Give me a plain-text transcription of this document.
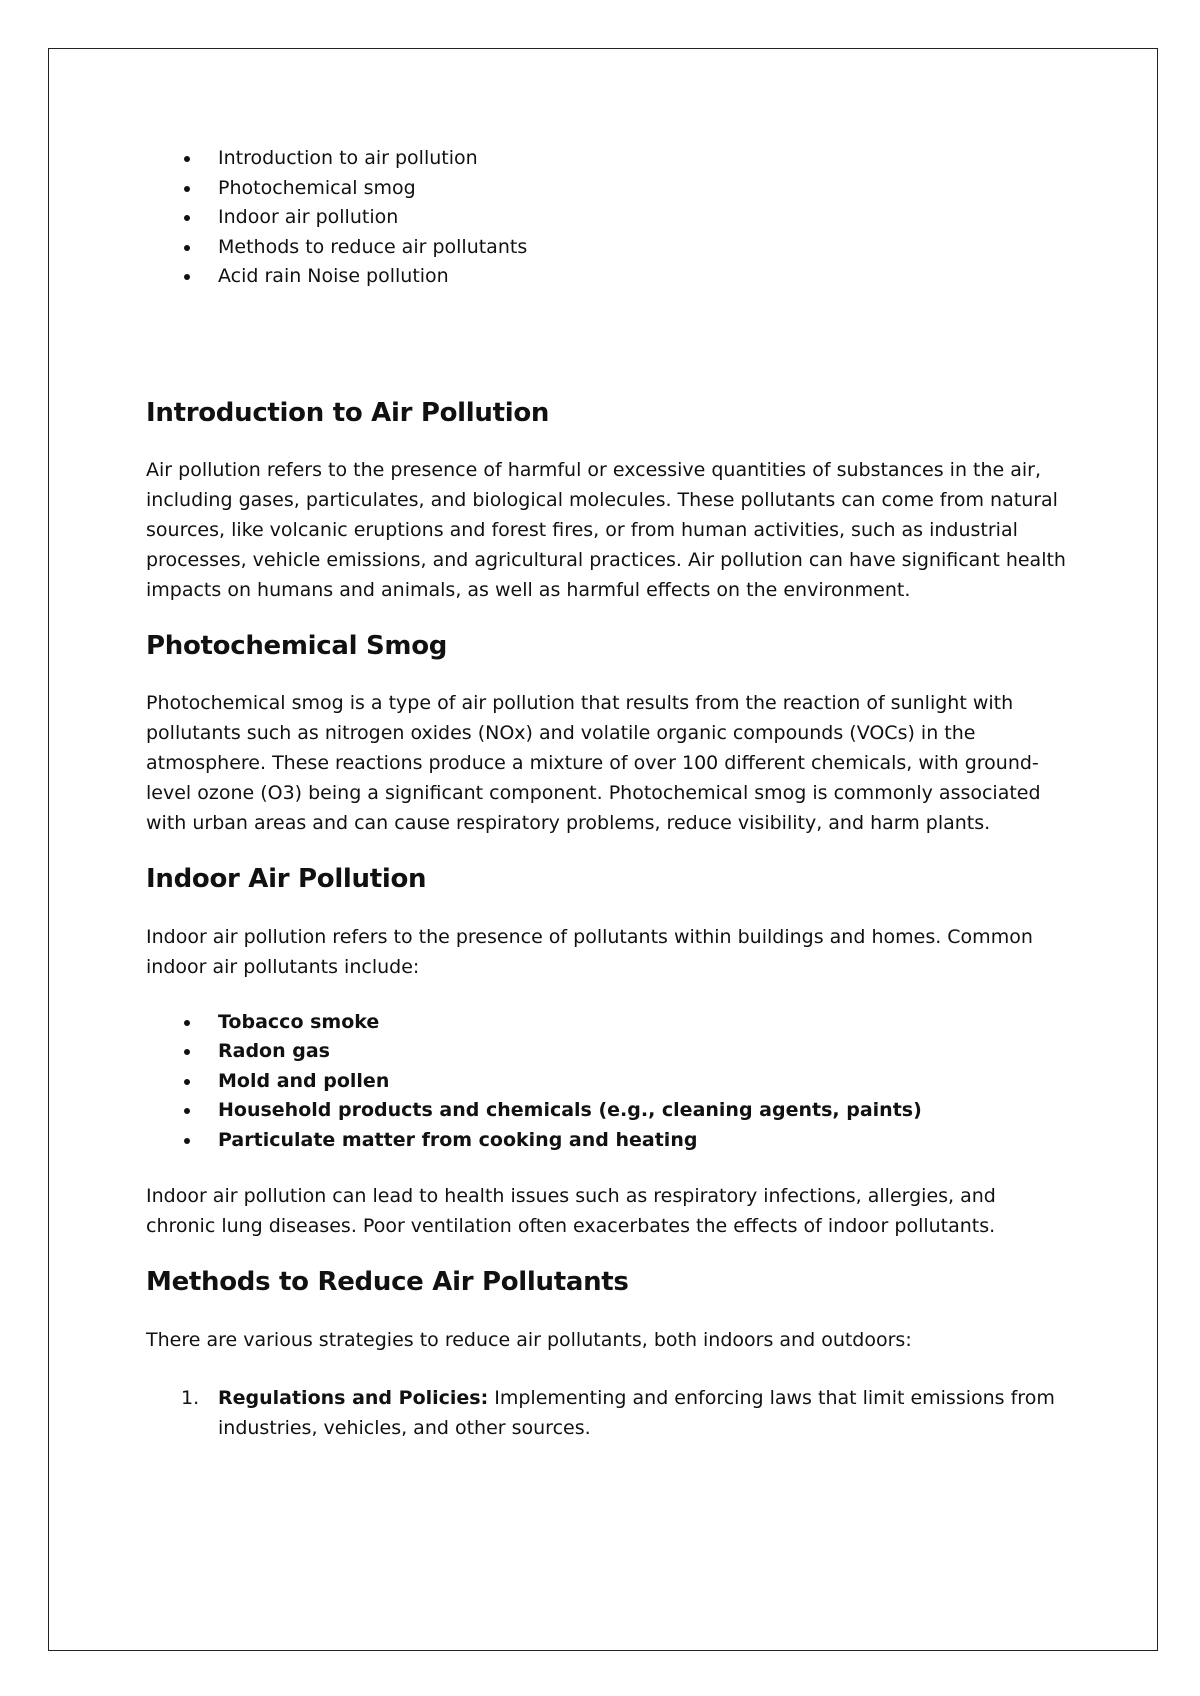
Introduction to air pollution
Photochemical smog
Indoor air pollution
Methods to reduce air pollutants
Acid rain Noise pollution
Introduction to Air Pollution

Air pollution refers to the presence of harmful or excessive quantities of substances in the air, including gases, particulates, and biological molecules. These pollutants can come from natural sources, like volcanic eruptions and forest fires, or from human activities, such as industrial processes, vehicle emissions, and agricultural practices. Air pollution can have significant health impacts on humans and animals, as well as harmful effects on the environment.

Photochemical Smog

Photochemical smog is a type of air pollution that results from the reaction of sunlight with pollutants such as nitrogen oxides (NOx) and volatile organic compounds (VOCs) in the atmosphere. These reactions produce a mixture of over 100 different chemicals, with ground-level ozone (O3) being a significant component. Photochemical smog is commonly associated with urban areas and can cause respiratory problems, reduce visibility, and harm plants.

Indoor Air Pollution

Indoor air pollution refers to the presence of pollutants within buildings and homes. Common indoor air pollutants include:

Tobacco smoke
Radon gas
Mold and pollen
Household products and chemicals (e.g., cleaning agents, paints)
Particulate matter from cooking and heating

Indoor air pollution can lead to health issues such as respiratory infections, allergies, and chronic lung diseases. Poor ventilation often exacerbates the effects of indoor pollutants.

Methods to Reduce Air Pollutants

There are various strategies to reduce air pollutants, both indoors and outdoors:

1. Regulations and Policies: Implementing and enforcing laws that limit emissions from industries, vehicles, and other sources.
